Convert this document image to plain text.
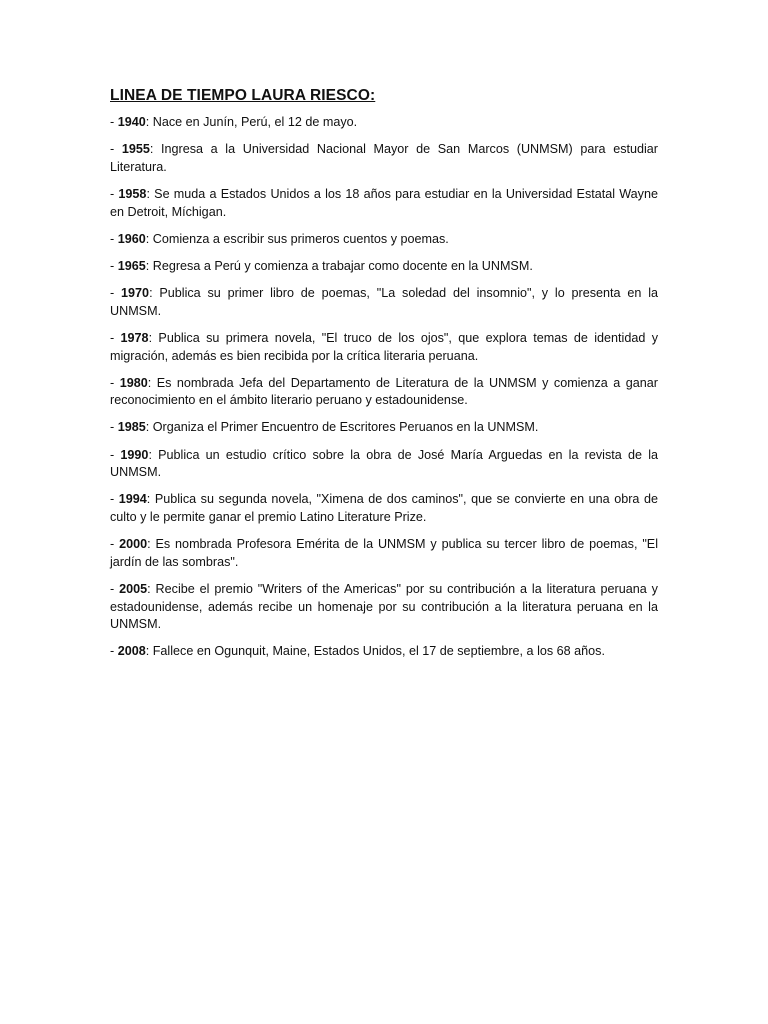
LINEA DE TIEMPO LAURA RIESCO:

- 1940: Nace en Junín, Perú, el 12 de mayo.

- 1955: Ingresa a la Universidad Nacional Mayor de San Marcos (UNMSM) para estudiar Literatura.

- 1958: Se muda a Estados Unidos a los 18 años para estudiar en la Universidad Estatal Wayne en Detroit, Míchigan.

- 1960: Comienza a escribir sus primeros cuentos y poemas.

- 1965: Regresa a Perú y comienza a trabajar como docente en la UNMSM.

- 1970: Publica su primer libro de poemas, "La soledad del insomnio", y lo presenta en la UNMSM.

- 1978: Publica su primera novela, "El truco de los ojos", que explora temas de identidad y migración, además es bien recibida por la crítica literaria peruana.

- 1980: Es nombrada Jefa del Departamento de Literatura de la UNMSM y comienza a ganar reconocimiento en el ámbito literario peruano y estadounidense.

- 1985: Organiza el Primer Encuentro de Escritores Peruanos en la UNMSM.

- 1990: Publica un estudio crítico sobre la obra de José María Arguedas en la revista de la UNMSM.

- 1994: Publica su segunda novela, "Ximena de dos caminos", que se convierte en una obra de culto y le permite ganar el premio Latino Literature Prize.

- 2000: Es nombrada Profesora Emérita de la UNMSM y publica su tercer libro de poemas, "El jardín de las sombras".

- 2005: Recibe el premio "Writers of the Americas" por su contribución a la literatura peruana y estadounidense, además recibe un homenaje por su contribución a la literatura peruana en la UNMSM.

- 2008: Fallece en Ogunquit, Maine, Estados Unidos, el 17 de septiembre, a los 68 años.
